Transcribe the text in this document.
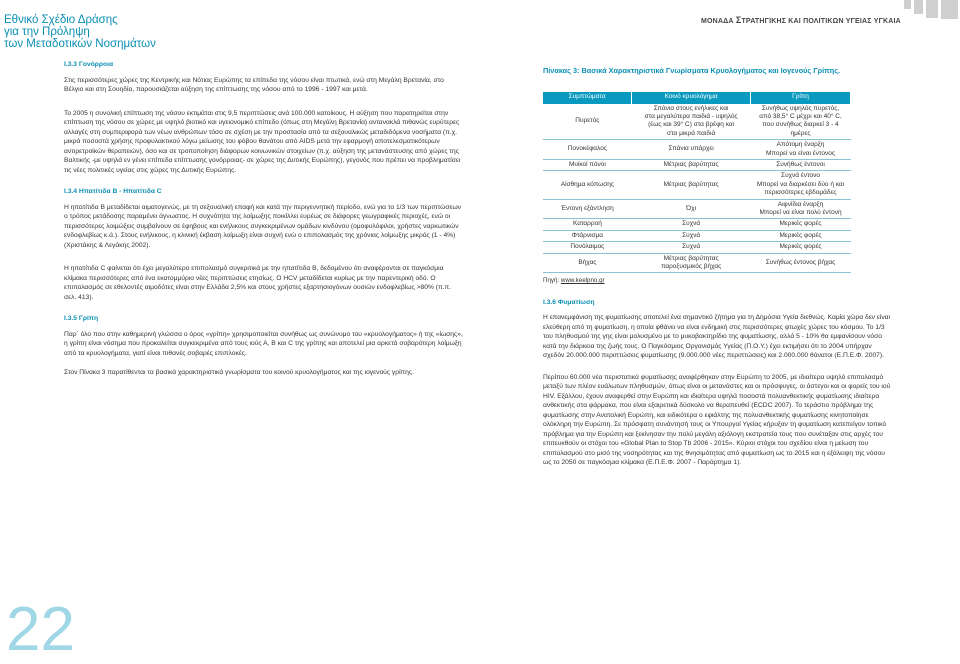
Εθνικό Σχέδιο Δράσης
για την Πρόληψη
των Μεταδοτικών Νοσημάτων
ΜΟΝΑΔΑ ΣΤΡΑΤΗΓΙΚΗΣ ΚΑΙ ΠΟΛΙΤΙΚΩΝ ΥΓΕΙΑΣ ΥΓΚΑΙΑ
22

I.3.3 Γονόρροια

Στις περισσότερες χώρες της Κεντρικής και Νότιας Ευρώπης τα επίπεδα της νόσου είναι πτωτικά, ενώ στη Μεγάλη Βρετανία, στο Βέλγιο και στη Σουηδία, παρουσιάζεται αύξηση της επίπτωσης της νόσου από το 1996 - 1997 και μετά.

Το 2005 η συνολική επίπτωση της νόσου εκτιμάται στις 9,5 περιπτώσεις ανά 100.000 κατοίκους. Η αύξηση που παρατηρείται στην επίπτωση της νόσου σε χώρες με υψηλό βιοτικό και υγειονομικό επίπεδο (όπως στη Μεγάλη Βρετανία) αντανακλά πιθανώς ευρύτερες αλλαγές στη συμπεριφορά των νέων ανθρώπων τόσο σε σχέση με την προστασία από τα σεξουαλικώς μεταδιδόμενα νοσήματα (π.χ. μικρά ποσοστά χρήσης προφυλακτικού λόγω μείωσης του φόβου θανάτου από AIDS μετά την εφαρμογή αποτελεσματικότερων αντιρετροϊκών θεραπειών), όσο και σε τροποποίηση διάφορων κοινωνικών στοιχείων (π.χ. αύξηση της μετανάστευσης από χώρες της Βαλτικής -με υψηλά εν γένει επίπεδα επίπτωσης γονόρροιας- σε χώρες της Δυτικής Ευρώπης), γεγονός που πρέπει να προβληματίσει τις νέες πολιτικές υγείας στις χώρες της Δυτικής Ευρώπης.

I.3.4 Ηπατίτιδα Β - Ηπατίτιδα C

Η ηπατίτιδα Β μεταδίδεται αιματογενώς, με τη σεξουαλική επαφή και κατά την περιγεννητική περίοδο, ενώ για το 1/3 των περιπτώσεων ο τρόπος μετάδοσης παραμένει άγνωστος. Η συχνότητα της λοίμωξης ποικίλλει ευρέως σε διάφορες γεωγραφικές περιοχές, ενώ οι περισσότερες λοιμώξεις συμβαίνουν σε έφηβους και ενήλικους συγκεκριμένων ομάδων κινδύνου (ομοφυλόφιλοι, χρήστες ναρκωτικών ενδοφλεβίως κ.ά.). Στους ενήλικους, η κλινική έκβαση λοίμωξη είναι συχνή ενώ ο επιπολασμός της χρόνιας λοίμωξης μικρός (1 - 4%)(Χριστάκης & Λεγάκης 2002).

Η ηπατίτιδα C φαίνεται ότι έχει μεγαλύτερο επιπολασμό συγκριτικά με την ηπατίτιδα Β, δεδομένου ότι αναφέρονται σε παγκόσμια κλίμακα περισσότερες από ένα εκατομμύριο νέες περιπτώσεις ετησίως. Ο HCV μεταδίδεται κυρίως με την παρεντερική οδό. Ο επιπολασμός σε εθελοντές αιμοδότες είναι στην Ελλάδα 2,5% και στους χρήστες εξαρτησιογόνων ουσιών ενδοφλεβίως >80% (π.π. σελ. 413).

I.3.5 Γρίπη

Παρ΄ όλο που στην καθημερινή γλώσσα ο όρος «γρίπη» χρησιμοποιείται συνήθως ως συνώνυμο του «κρυολογήματος» ή της «ίωσης», η γρίπη είναι νόσημα που προκαλείται συγκεκριμένα από τους ιούς Α, Β και C της γρίπης και αποτελεί μια αρκετά σοβαρότερη λοίμωξη από τα κρυολογήματα, γιατί είναι πιθανές σοβαρές επιπλοκές.

Στον Πίνακα 3 παρατίθενται τα βασικά χαρακτηριστικά γνωρίσματα του κοινού κρυολογήματος και της ιογενούς γρίπης.

Πίνακας 3: Βασικά Χαρακτηριστικά Γνωρίσματα Κρυολογήματος και Ιογενούς Γρίπης.
Συμπτώματα	Κοινό κρυολόγημα	Γρίπη
Πυρετός	Σπάνια στους ενήλικες και
στα μεγαλύτερα παιδιά - υψηλός
(έως και 39° C) στα βρέφη και
στα μικρά παιδιά	Συνήθως υψηλός πυρετός,
από 38,5° C μέχρι και 40° C,
που συνήθως διαρκεί 3 - 4 ημέρες
Πονοκέφαλος	Σπάνια υπάρχει	Απότομη έναρξη
Μπορεί να είναι έντονος
Μυϊκοί πόνοι	Μέτριας βαρύτητας	Συνήθως έντονοι
Αίσθημα κόπωσης	Μέτριας βαρύτητας	Συχνά έντονο
Μπορεί να διαρκέσει δύο ή και
περισσότερες εβδομάδες
Έντονη εξάντληση	Όχι	Αιφνίδια έναρξη
Μπορεί να είναι πολύ έντονη
Καταρροή	Συχνά	Μερικές φορές
Φτάρνισμα	Συχνά	Μερικές φορές
Πονόλαιμος	Συχνά	Μερικές φορές
Βήχας	Μέτριας βαρύτητας
παροξυσμικός βήχας	Συνήθως έντονος βήχας
Πηγή: www.keelpno.gr

I.3.6 Φυματίωση

Η επανεμφάνιση της φυματίωσης αποτελεί ένα σημαντικό ζήτημα για τη Δημόσια Υγεία διεθνώς. Καμία χώρα δεν είναι ελεύθερη από τη φυματίωση, η οποία φθάνει να είναι ενδημική στις περισσότερες φτωχές χώρες του κόσμου. Το 1/3 του πληθυσμού της γης είναι μολυσμένο με το μυκοβακτηρίδιο της φυματίωσης, αλλά 5 - 10% θα εμφανίσουν νόσο κατά την διάρκεια της ζωής τους. Ο Παγκόσμιος Οργανισμός Υγείας (Π.Ο.Υ.) έχει εκτιμήσει ότι το 2004 υπήρχαν σχεδόν 20.000.000 περιπτώσεις φυματίωσης (9.000.000 νέες περιπτώσεις) και 2.000.000 θάνατοι (Ε.Π.Ε.Φ. 2007).

Περίπου 60.000 νέα περιστατικά φυματίωσης αναφέρθηκαν στην Ευρώπη το 2005, με ιδιαίτερα υψηλό επιπολασμό μεταξύ των πλέον ευάλωτων πληθυσμών, όπως είναι οι μετανάστες και οι πρόσφυγες, οι άστεγοι και οι φορείς του ιού HIV. Εξάλλου, έχουν αναφερθεί στην Ευρώπη και ιδιαίτερα υψηλά ποσοστά πολυανθεκτικής φυματίωσης ιδιαίτερα ανθεκτικής στα φάρμακα, που είναι εξαιρετικά δύσκολο να θεραπευθεί (ECDC 2007). Το τεράστιο πρόβλημα της φυματίωσης στην Ανατολική Ευρώπη, και ειδικότερα ο εφιάλτης της πολυανθεκτικής φυματίωσης κινητοποίησε ολόκληρη την Ευρώπη. Σε πρόσφατη συνάντησή τους οι Υπουργοί Υγείας κήρυξαν τη φυματίωση κατεπείγον τοπικό πρόβλημα για την Ευρώπη και ξεκίνησαν την πολύ μεγάλη αξιόλογη εκστρατεία τους που συνέταξαν στις αρχές του επιτευκθούν οι στόχοι του «Global Plan to Stop Tb 2006 - 2015». Κύριοι στόχοι του σχεδίου είναι η μείωση του επιπολασμού στο μισό της νοσηρότητας και της θνησιμότητας από φυματίωση ως το 2015 και η εξάλειψη της νόσου ως το 2050 σε παγκόσμια κλίμακα (Ε.Π.Ε.Φ. 2007 - Παράρτημα 1).
